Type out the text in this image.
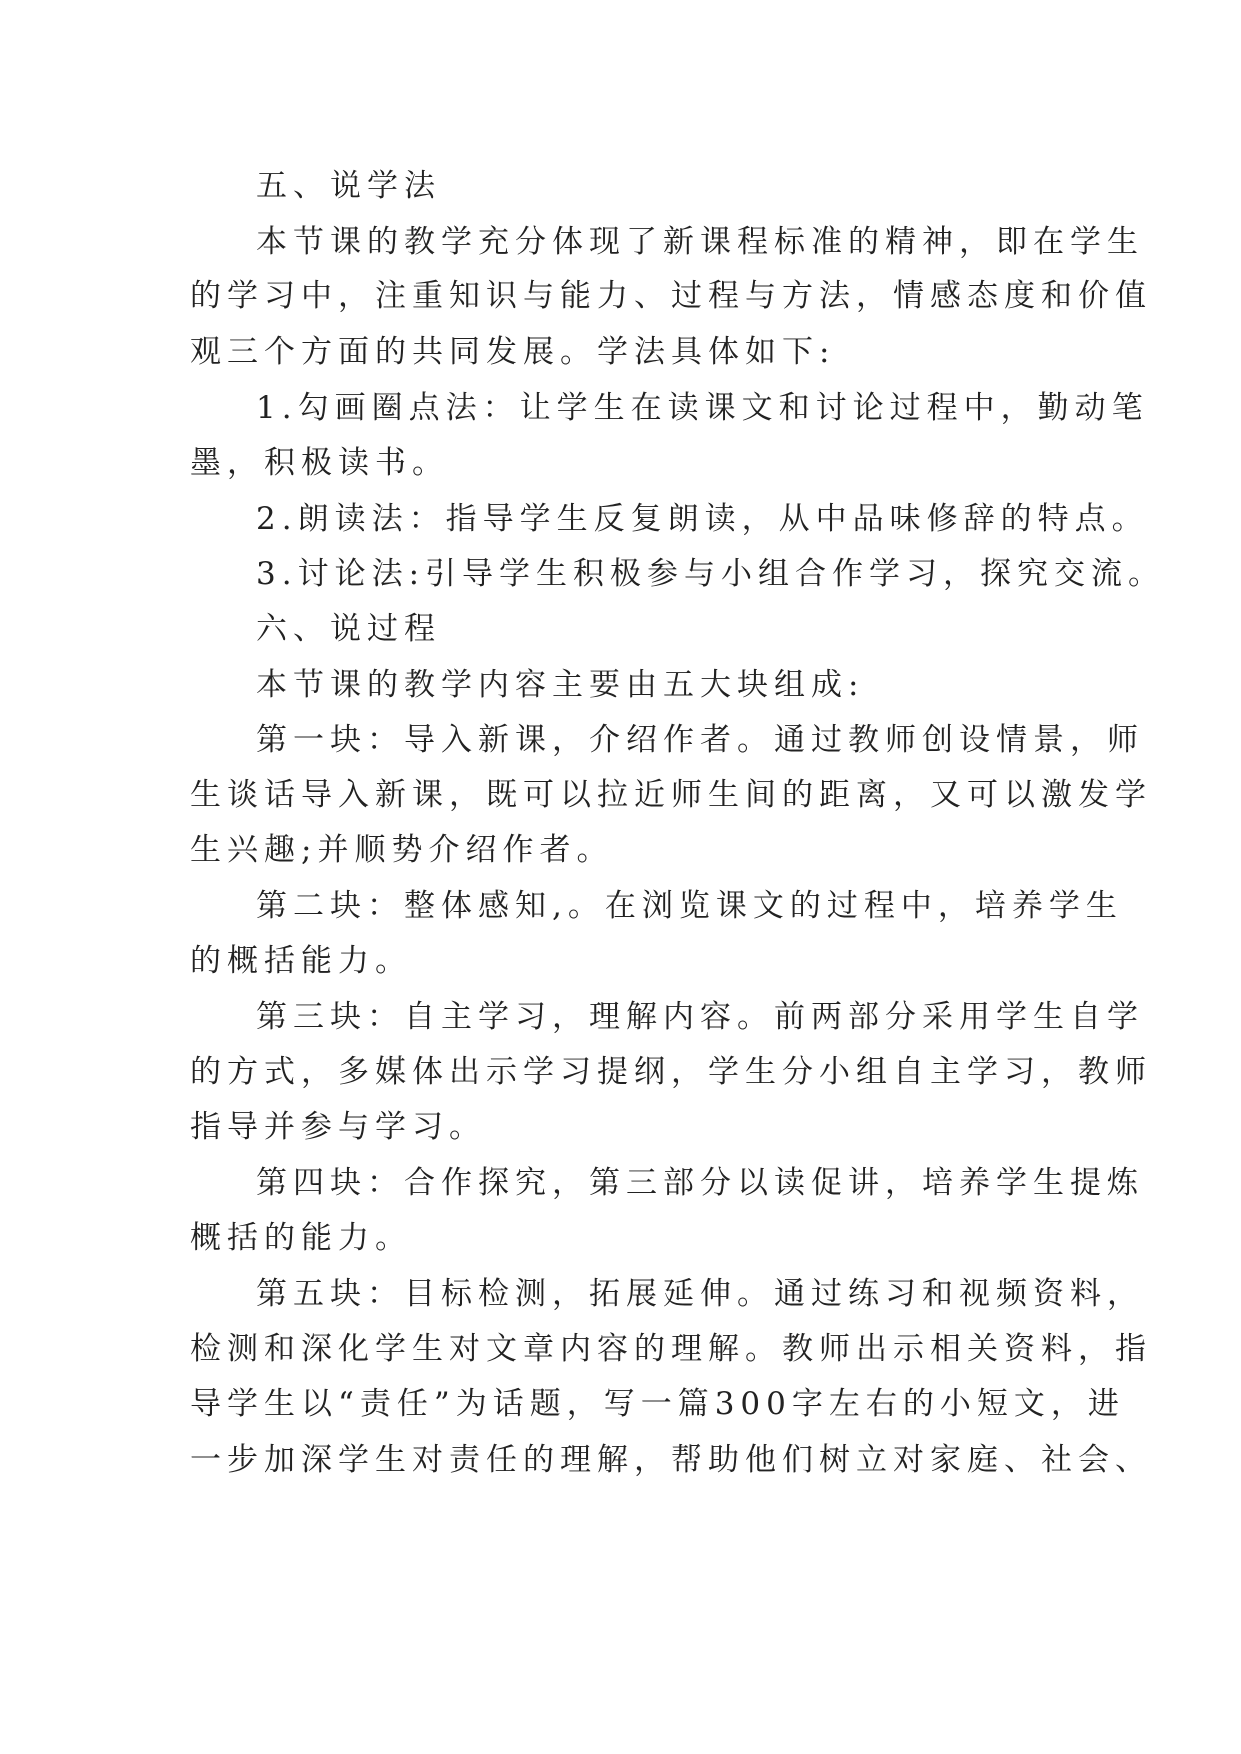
五、说学法
本节课的教学充分体现了新课程标准的精神，即在学生
的学习中，注重知识与能力、过程与方法，情感态度和价值
观三个方面的共同发展。学法具体如下:
1.勾画圈点法：让学生在读课文和讨论过程中，勤动笔
墨，积极读书。
2.朗读法：指导学生反复朗读，从中品味修辞的特点。
3.讨论法:引导学生积极参与小组合作学习，探究交流。
六、说过程
本节课的教学内容主要由五大块组成:
第一块：导入新课，介绍作者。通过教师创设情景，师
生谈话导入新课，既可以拉近师生间的距离，又可以激发学
生兴趣;并顺势介绍作者。
第二块：整体感知,。在浏览课文的过程中，培养学生
的概括能力。
第三块：自主学习，理解内容。前两部分采用学生自学
的方式，多媒体出示学习提纲，学生分小组自主学习，教师
指导并参与学习。
第四块：合作探究，第三部分以读促讲，培养学生提炼
概括的能力。
第五块：目标检测，拓展延伸。通过练习和视频资料，
检测和深化学生对文章内容的理解。教师出示相关资料，指
导学生以“责任”为话题，写一篇300字左右的小短文，进
一步加深学生对责任的理解，帮助他们树立对家庭、社会、
